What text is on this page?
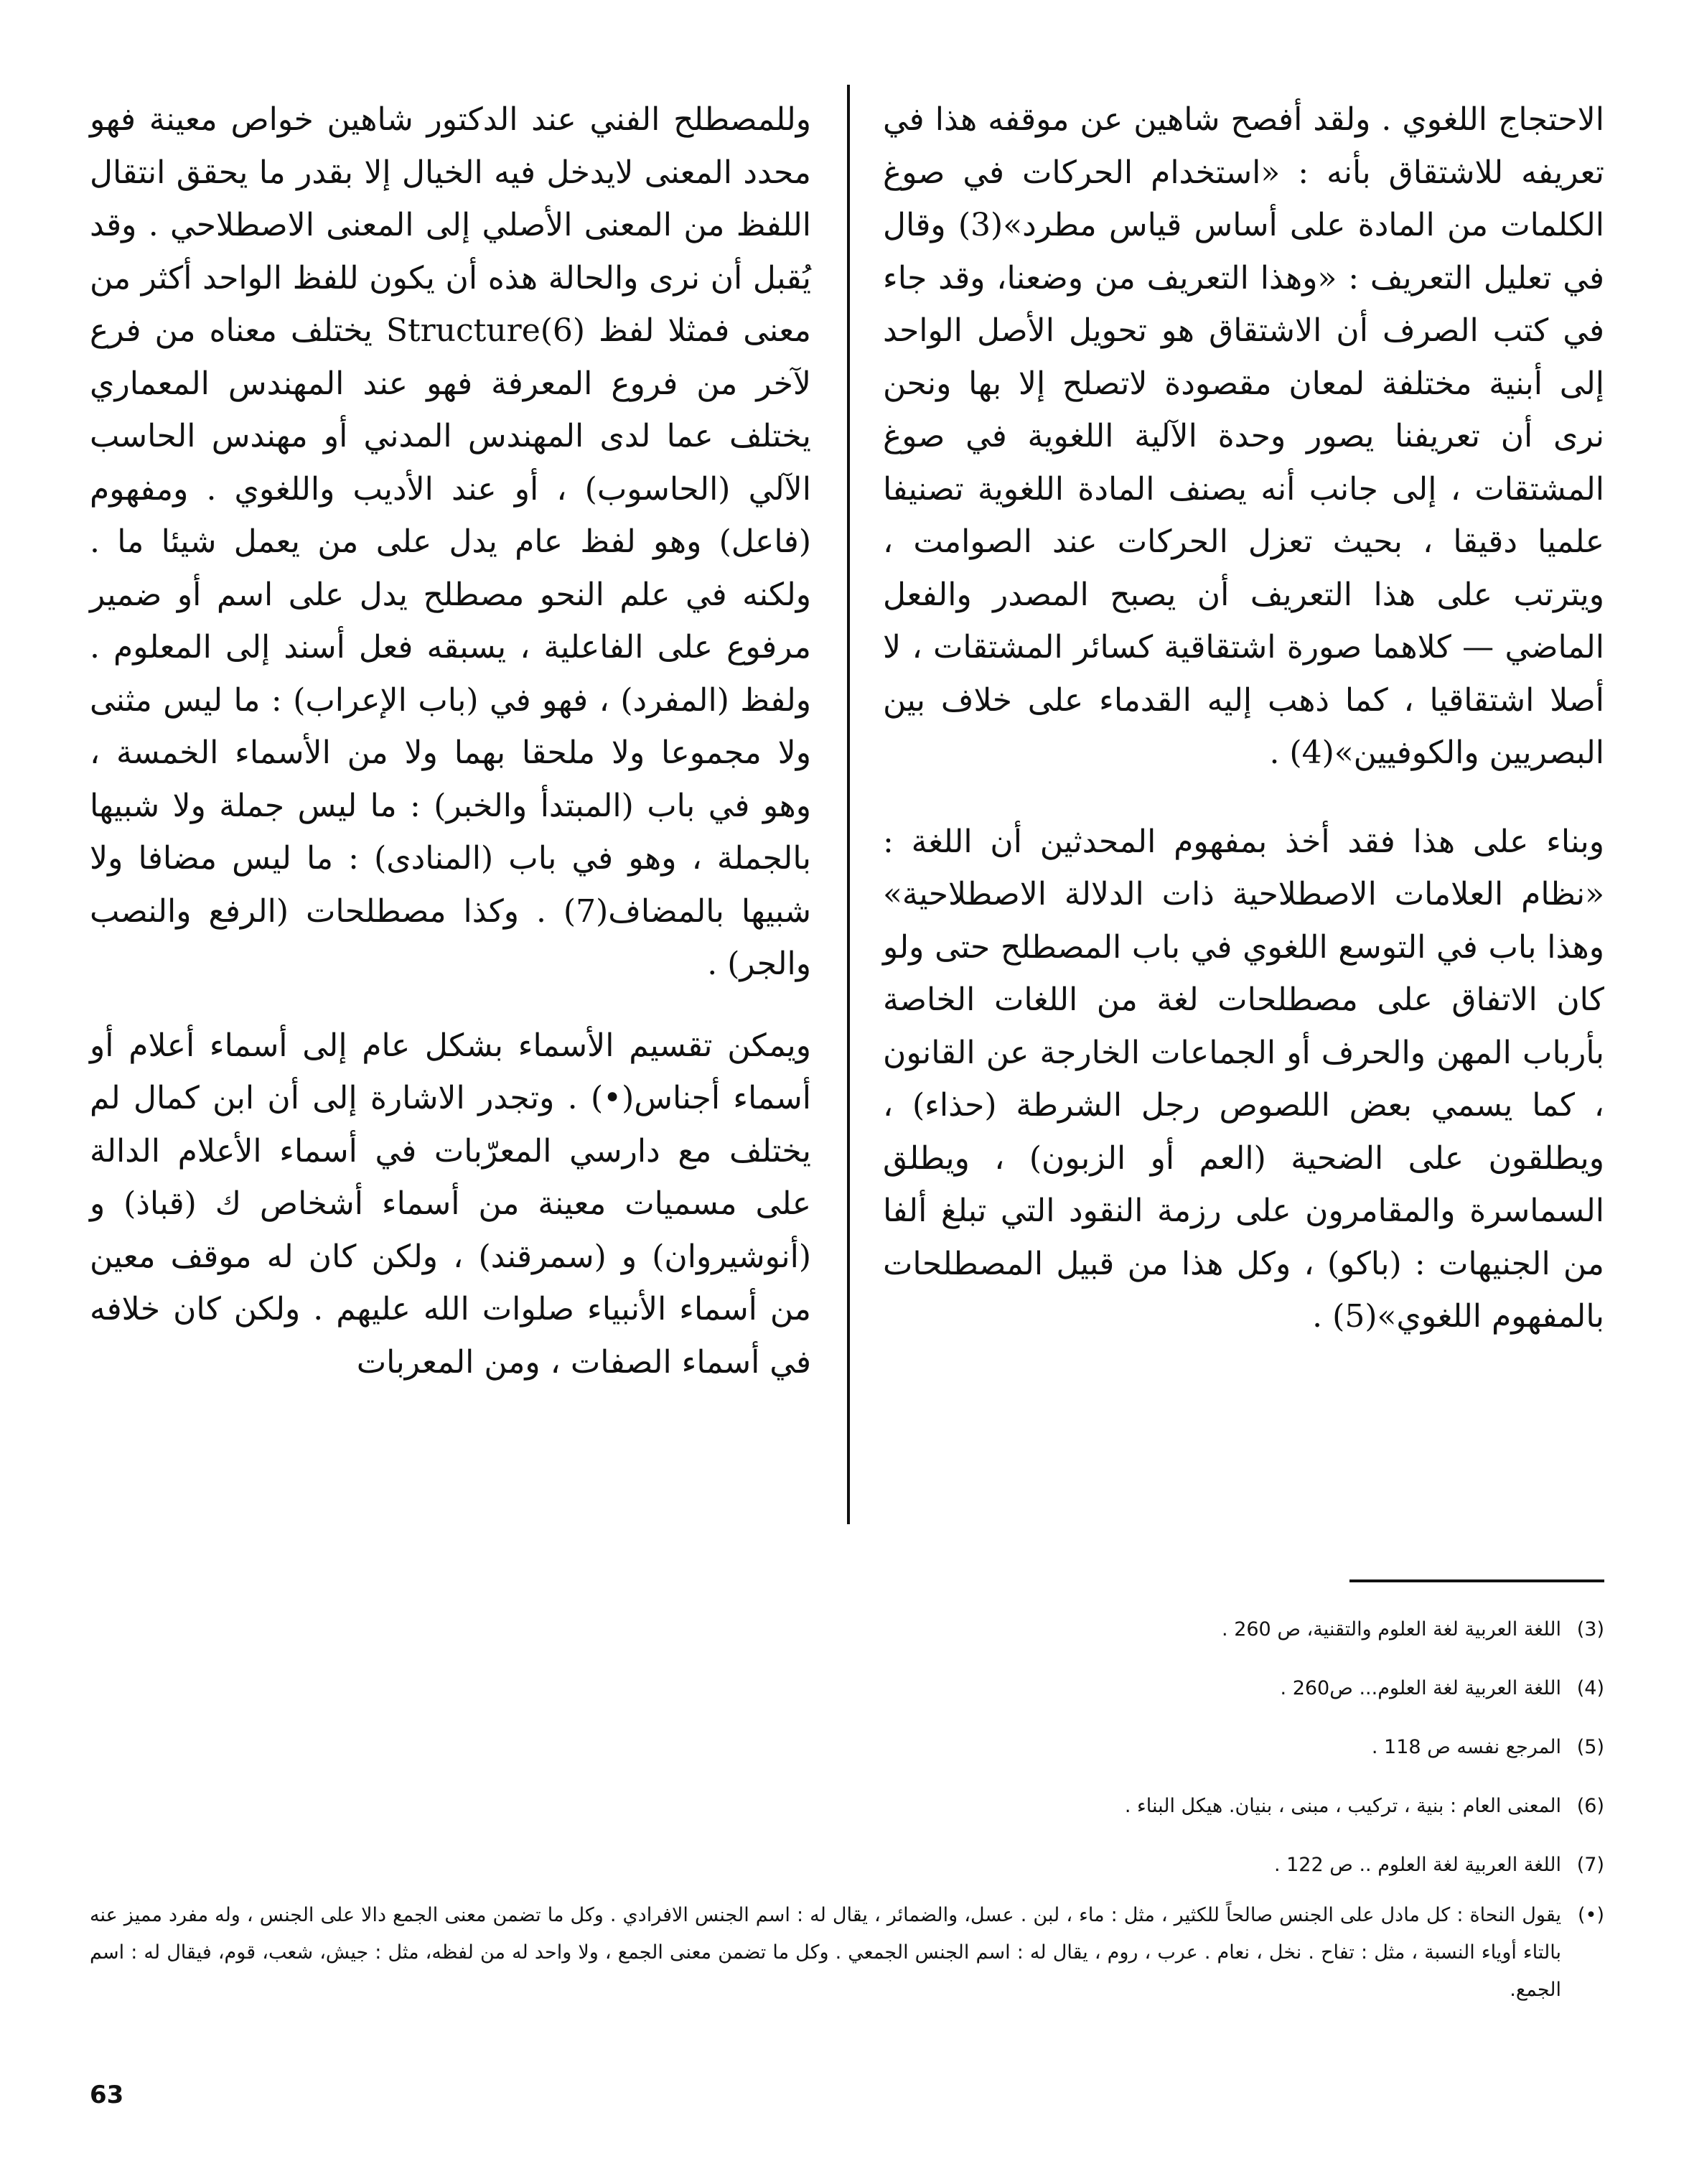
الاحتجاج اللغوي . ولقد أفصح شاهين عن موقفه هذا في تعريفه للاشتقاق بأنه : «استخدام الحركات في صوغ الكلمات من المادة على أساس قياس مطرد»(3) وقال في تعليل التعريف : «وهذا التعريف من وضعنا، وقد جاء في كتب الصرف أن الاشتقاق هو تحويل الأصل الواحد إلى أبنية مختلفة لمعان مقصودة لاتصلح إلا بها ونحن نرى أن تعريفنا يصور وحدة الآلية اللغوية في صوغ المشتقات ، إلى جانب أنه يصنف المادة اللغوية تصنيفا علميا دقيقا ، بحيث تعزل الحركات عند الصوامت ، ويترتب على هذا التعريف أن يصبح المصدر والفعل الماضي — كلاهما صورة اشتقاقية كسائر المشتقات ، لا أصلا اشتقاقيا ، كما ذهب إليه القدماء على خلاف بين البصريين والكوفيين»(4) .

وبناء على هذا فقد أخذ بمفهوم المحدثين أن اللغة : «نظام العلامات الاصطلاحية ذات الدلالة الاصطلاحية» وهذا باب في التوسع اللغوي في باب المصطلح حتى ولو كان الاتفاق على مصطلحات لغة من اللغات الخاصة بأرباب المهن والحرف أو الجماعات الخارجة عن القانون ، كما يسمي بعض اللصوص رجل الشرطة (حذاء) ، ويطلقون على الضحية (العم أو الزبون) ، ويطلق السماسرة والمقامرون على رزمة النقود التي تبلغ ألفا من الجنيهات : (باكو) ، وكل هذا من قبيل المصطلحات بالمفهوم اللغوي»(5) .

وللمصطلح الفني عند الدكتور شاهين خواص معينة فهو محدد المعنى لايدخل فيه الخيال إلا بقدر ما يحقق انتقال اللفظ من المعنى الأصلي إلى المعنى الاصطلاحي . وقد يُقبل أن نرى والحالة هذه أن يكون للفظ الواحد أكثر من معنى فمثلا لفظ Structure(6) يختلف معناه من فرع لآخر من فروع المعرفة فهو عند المهندس المعماري يختلف عما لدى المهندس المدني أو مهندس الحاسب الآلي (الحاسوب) ، أو عند الأديب واللغوي . ومفهوم (فاعل) وهو لفظ عام يدل على من يعمل شيئا ما . ولكنه في علم النحو مصطلح يدل على اسم أو ضمير مرفوع على الفاعلية ، يسبقه فعل أسند إلى المعلوم . ولفظ (المفرد) ، فهو في (باب الإعراب) : ما ليس مثنى ولا مجموعا ولا ملحقا بهما ولا من الأسماء الخمسة ، وهو في باب (المبتدأ والخبر) : ما ليس جملة ولا شبيها بالجملة ، وهو في باب (المنادى) : ما ليس مضافا ولا شبيها بالمضاف(7) . وكذا مصطلحات (الرفع والنصب والجر) .

ويمكن تقسيم الأسماء بشكل عام إلى أسماء أعلام أو أسماء أجناس(•) . وتجدر الاشارة إلى أن ابن كمال لم يختلف مع دارسي المعرّبات في أسماء الأعلام الدالة على مسميات معينة من أسماء أشخاص ك (قباذ) و (أنوشيروان) و (سمرقند) ، ولكن كان له موقف معين من أسماء الأنبياء صلوات الله عليهم . ولكن كان خلافه في أسماء الصفات ، ومن المعربات

(3)
اللغة العربية لغة العلوم والتقنية، ص 260 .
(4)
اللغة العربية لغة العلوم... ص260 .
(5)
المرجع نفسه ص 118 .
(6)
المعنى العام : بنية ، تركيب ، مبنى ، بنيان. هيكل البناء .
(7)
اللغة العربية لغة العلوم .. ص 122 .
(•)
يقول النحاة : كل مادل على الجنس صالحاً للكثير ، مثل : ماء ، لبن . عسل، والضمائر ، يقال له : اسم الجنس الافرادي . وكل ما تضمن معنى الجمع دالا على الجنس ، وله مفرد مميز عنه بالتاء أوياء النسبة ، مثل : تفاح . نخل ، نعام . عرب ، روم ، يقال له : اسم الجنس الجمعي . وكل ما تضمن معنى الجمع ، ولا واحد له من لفظه، مثل : جيش، شعب، قوم، فيقال له : اسم الجمع.
63
